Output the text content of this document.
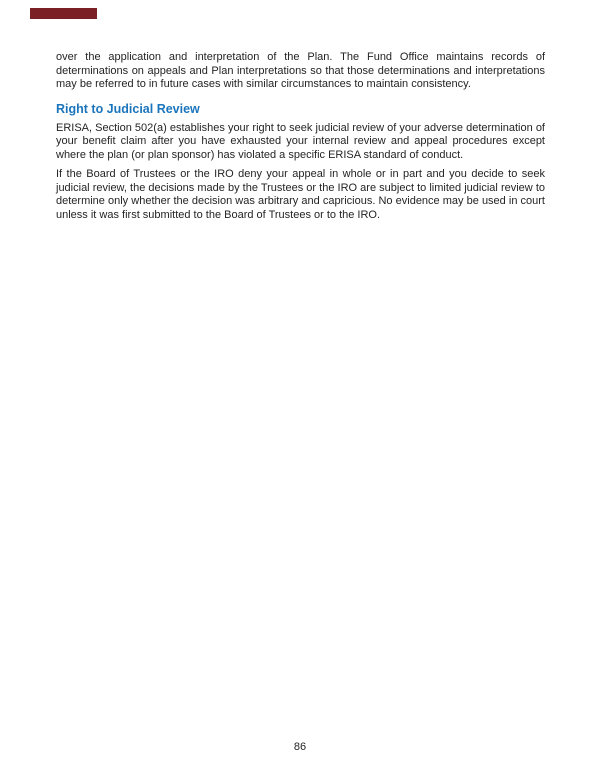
over the application and interpretation of the Plan. The Fund Office maintains records of determinations on appeals and Plan interpretations so that those determinations and interpretations may be referred to in future cases with similar circumstances to maintain consistency.

Right to Judicial Review

ERISA, Section 502(a) establishes your right to seek judicial review of your adverse determination of your benefit claim after you have exhausted your internal review and appeal procedures except where the plan (or plan sponsor) has violated a specific ERISA standard of conduct.

If the Board of Trustees or the IRO deny your appeal in whole or in part and you decide to seek judicial review, the decisions made by the Trustees or the IRO are subject to limited judicial review to determine only whether the decision was arbitrary and capricious. No evidence may be used in court unless it was first submitted to the Board of Trustees or to the IRO.

86
